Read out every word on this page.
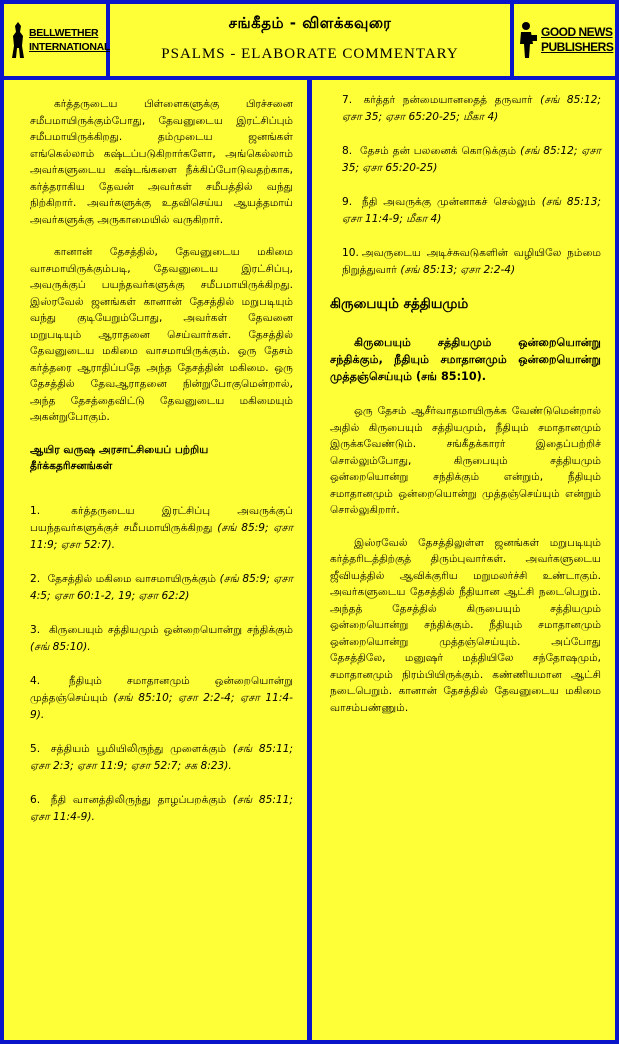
BELLWETHER
INTERNATIONAL
சங்கீதம் - விளக்கவுரை
PSALMS - ELABORATE COMMENTARY
GOOD NEWS
PUBLISHERS

கர்த்தருடைய பிள்ளைகளுக்கு பிரச்சனை சமீபமாயிருக்கும்போது, தேவனுடைய இரட்சிப்பும் சமீபமாயிருக்கிறது. தம்முடைய ஜனங்கள் எங்கெல்லாம் கஷ்டப்படுகிறார்களோ, அங்கெல்லாம் அவர்களுடைய கஷ்டங்களை நீக்கிப்போடுவதற்காக, கர்த்தராகிய தேவன் அவர்கள் சமீபத்தில் வந்து நிற்கிறார். அவர்களுக்கு உதவிசெய்ய ஆயத்தமாய் அவர்களுக்கு அருகாமையில் வருகிறார்.

கானான் தேசத்தில், தேவனுடைய மகிமை வாசமாயிருக்கும்படி, தேவனுடைய இரட்சிப்பு, அவருக்குப் பயந்தவர்களுக்கு சமீபமாயிருக்கிறது. இஸ்ரவேல் ஜனங்கள் கானான் தேசத்தில் மறுபடியும் வந்து குடியேறும்போது, அவர்கள் தேவனை மறுபடியும் ஆராதனை செய்வார்கள். தேசத்தில் தேவனுடைய மகிமை வாசமாயிருக்கும். ஒரு தேசம் கர்த்தரை ஆராதிப்பதே அந்த தேசத்தின் மகிமை. ஒரு தேசத்தில் தேவஆராதனை நின்றுபோகுமென்றால், அந்த தேசத்தைவிட்டு தேவனுடைய மகிமையும் அகன்றுபோகும்.

ஆயிர வருஷ அரசாட்சியைப் பற்றிய தீர்க்கதரிசனங்கள்
1.	கர்த்தருடைய இரட்சிப்பு அவருக்குப் பயந்தவர்களுக்குச் சமீபமாயிருக்கிறது (சங் 85:9; ஏசா 11:9; ஏசா 52:7).
2. தேசத்தில் மகிமை வாசமாயிருக்கும் (சங் 85:9; ஏசா 4:5; ஏசா 60:1-2, 19; ஏசா 62:2)
3. கிருபையும் சத்தியமும் ஒன்றையொன்று சந்திக்கும் (சங் 85:10).
4.	நீதியும் சமாதானமும் ஒன்றையொன்று முத்தஞ்செய்யும் (சங் 85:10; ஏசா 2:2-4; ஏசா 11:4-9).
5. சத்தியம் பூமியிலிருந்து முளைக்கும் (சங் 85:11; ஏசா 2:3; ஏசா 11:9; ஏசா 52:7; சக 8:23).
6. நீதி வானத்திலிருந்து தாழப்பறக்கும் (சங் 85:11; ஏசா 11:4-9).
7. கர்த்தர் நன்மையானதைத் தருவார் (சங் 85:12; ஏசா 35; ஏசா 65:20-25; மீகா 4)
8. தேசம் தன் பலனைக் கொடுக்கும் (சங் 85:12; ஏசா 35; ஏசா 65:20-25)
9. நீதி அவருக்கு முன்னாகச் செல்லும் (சங் 85:13; ஏசா 11:4-9; மீகா 4)
10. அவருடைய அடிச்சுவடுகளின் வழியிலே நம்மை நிறுத்துவார் (சங் 85:13; ஏசா 2:2-4)
கிருபையும் சத்தியமும்

கிருபையும் சத்தியமும் ஒன்றையொன்று சந்திக்கும், நீதியும் சமாதானமும் ஒன்றையொன்று முத்தஞ்செய்யும் (சங் 85:10).

ஒரு தேசம் ஆசீர்வாதமாயிருக்க வேண்டுமென்றால் அதில் கிருபையும் சத்தியமும், நீதியும் சமாதானமும் இருக்கவேண்டும். சங்கீதக்காரர் இதைப்பற்றிச் சொல்லும்போது, கிருபையும் சத்தியமும் ஒன்றையொன்று சந்திக்கும் என்றும், நீதியும் சமாதானமும் ஒன்றையொன்று முத்தஞ்செய்யும் என்றும் சொல்லுகிறார்.

இஸ்ரவேல் தேசத்திலுள்ள ஜனங்கள் மறுபடியும் கர்த்தரிடத்திற்குத் திரும்புவார்கள். அவர்களுடைய ஜீவியத்தில் ஆவிக்குரிய மறுமலர்ச்சி உண்டாகும். அவர்களுடைய தேசத்தில் நீதியான ஆட்சி நடைபெறும். அந்தத் தேசத்தில் கிருபையும் சத்தியமும் ஒன்றையொன்று சந்திக்கும். நீதியும் சமாதானமும் ஒன்றையொன்று முத்தஞ்செய்யும். அப்போது தேசத்திலே, மனுஷர் மத்தியிலே சந்தோஷமும், சமாதானமும் நிரம்பியிருக்கும். கண்ணியமான ஆட்சி நடைபெறும். கானான் தேசத்தில் தேவனுடைய மகிமை வாசம்பண்ணும்.
